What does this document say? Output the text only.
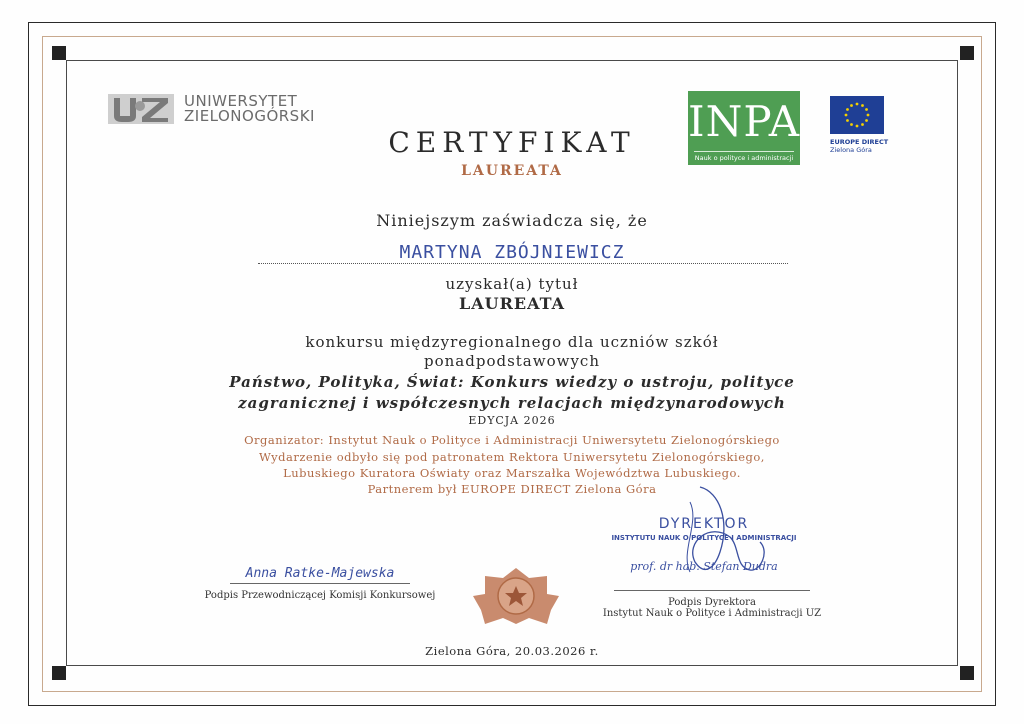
UNIWERSYTET
ZIELONOGÓRSKI	INPA
Nauk o polityce i administracji
EUROPE DIRECT
Zielona Góra
CERTYFIKAT
LAUREATA
Niniejszym zaświadcza się, że
MARTYNA ZBÓJNIEWICZ
uzyskał(a) tytuł
LAUREATA
konkursu międzyregionalnego dla uczniów szkół
ponadpodstawowych
Państwo, Polityka, Świat: Konkurs wiedzy o ustroju, polityce
zagranicznej i współczesnych relacjach międzynarodowych
EDYCJA 2026
Organizator: Instytut Nauk o Polityce i Administracji Uniwersytetu Zielonogórskiego
Wydarzenie odbyło się pod patronatem Rektora Uniwersytetu Zielonogórskiego,
Lubuskiego Kuratora Oświaty oraz Marszałka Województwa Lubuskiego.
Partnerem był EUROPE DIRECT Zielona Góra
Anna Ratke-Majewska
Podpis Przewodniczącej Komisji Konkursowej
DYREKTOR
INSTYTUTU NAUK O POLITYCE I ADMINISTRACJI
prof. dr hab. Stefan Dudra
Podpis Dyrektora
Instytut Nauk o Polityce i Administracji UZ
Zielona Góra, 20.03.2026 r.
